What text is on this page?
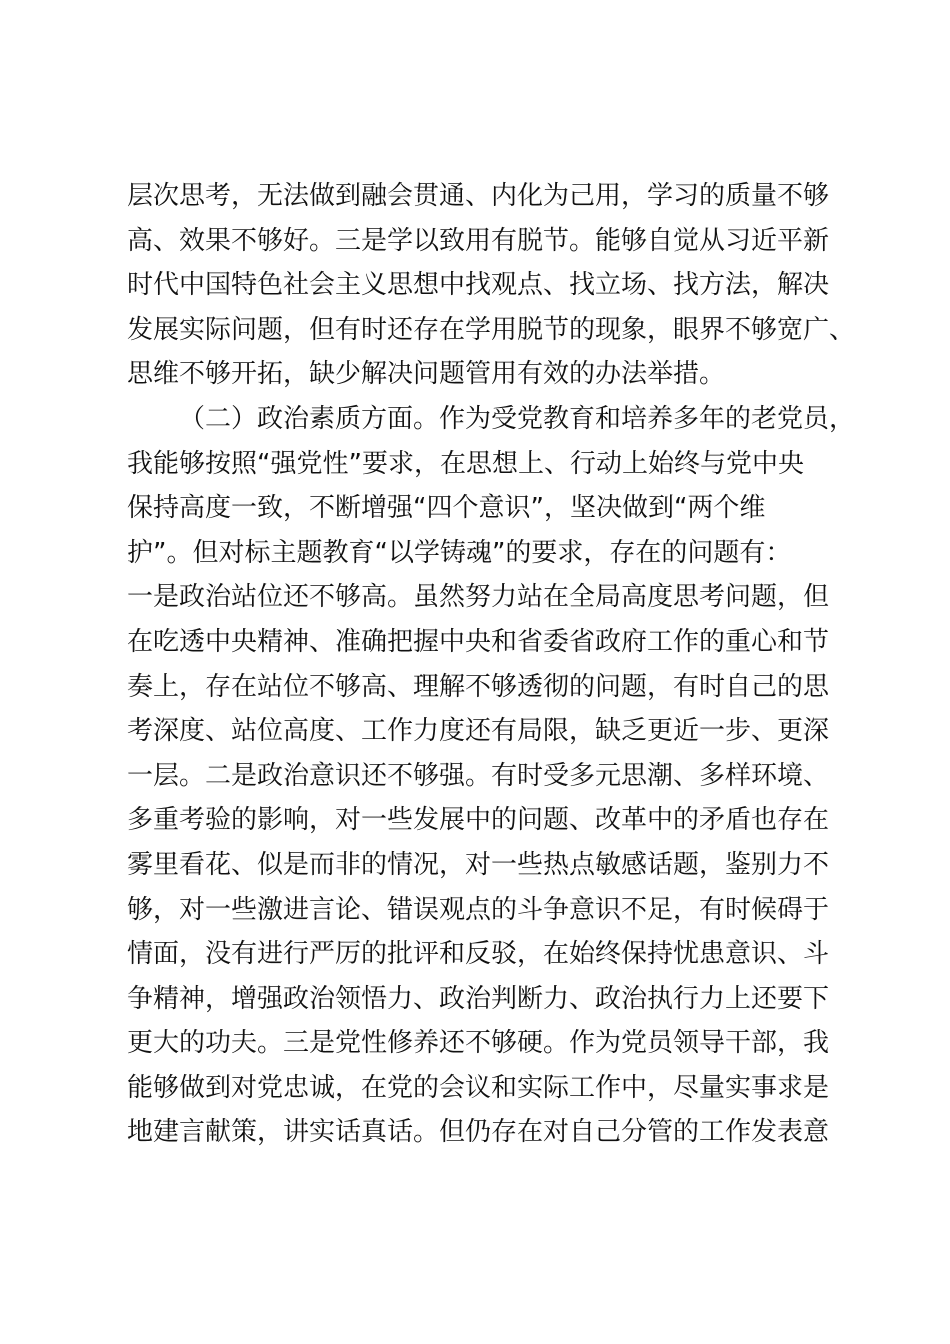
层次思考，无法做到融会贯通、内化为己用，学习的质量不够
高、效果不够好。三是学以致用有脱节。能够自觉从习近平新
时代中国特色社会主义思想中找观点、找立场、找方法，解决
发展实际问题，但有时还存在学用脱节的现象，眼界不够宽广、
思维不够开拓，缺少解决问题管用有效的办法举措。
（二）政治素质方面。作为受党教育和培养多年的老党员，
我能够按照“强党性”要求，在思想上、行动上始终与党中央
保持高度一致，不断增强“四个意识”，坚决做到“两个维
护”。但对标主题教育“以学铸魂”的要求，存在的问题有：
一是政治站位还不够高。虽然努力站在全局高度思考问题，但
在吃透中央精神、准确把握中央和省委省政府工作的重心和节
奏上，存在站位不够高、理解不够透彻的问题，有时自己的思
考深度、站位高度、工作力度还有局限，缺乏更近一步、更深
一层。二是政治意识还不够强。有时受多元思潮、多样环境、
多重考验的影响，对一些发展中的问题、改革中的矛盾也存在
雾里看花、似是而非的情况，对一些热点敏感话题，鉴别力不
够，对一些激进言论、错误观点的斗争意识不足，有时候碍于
情面，没有进行严厉的批评和反驳，在始终保持忧患意识、斗
争精神，增强政治领悟力、政治判断力、政治执行力上还要下
更大的功夫。三是党性修养还不够硬。作为党员领导干部，我
能够做到对党忠诚，在党的会议和实际工作中，尽量实事求是
地建言献策，讲实话真话。但仍存在对自己分管的工作发表意
